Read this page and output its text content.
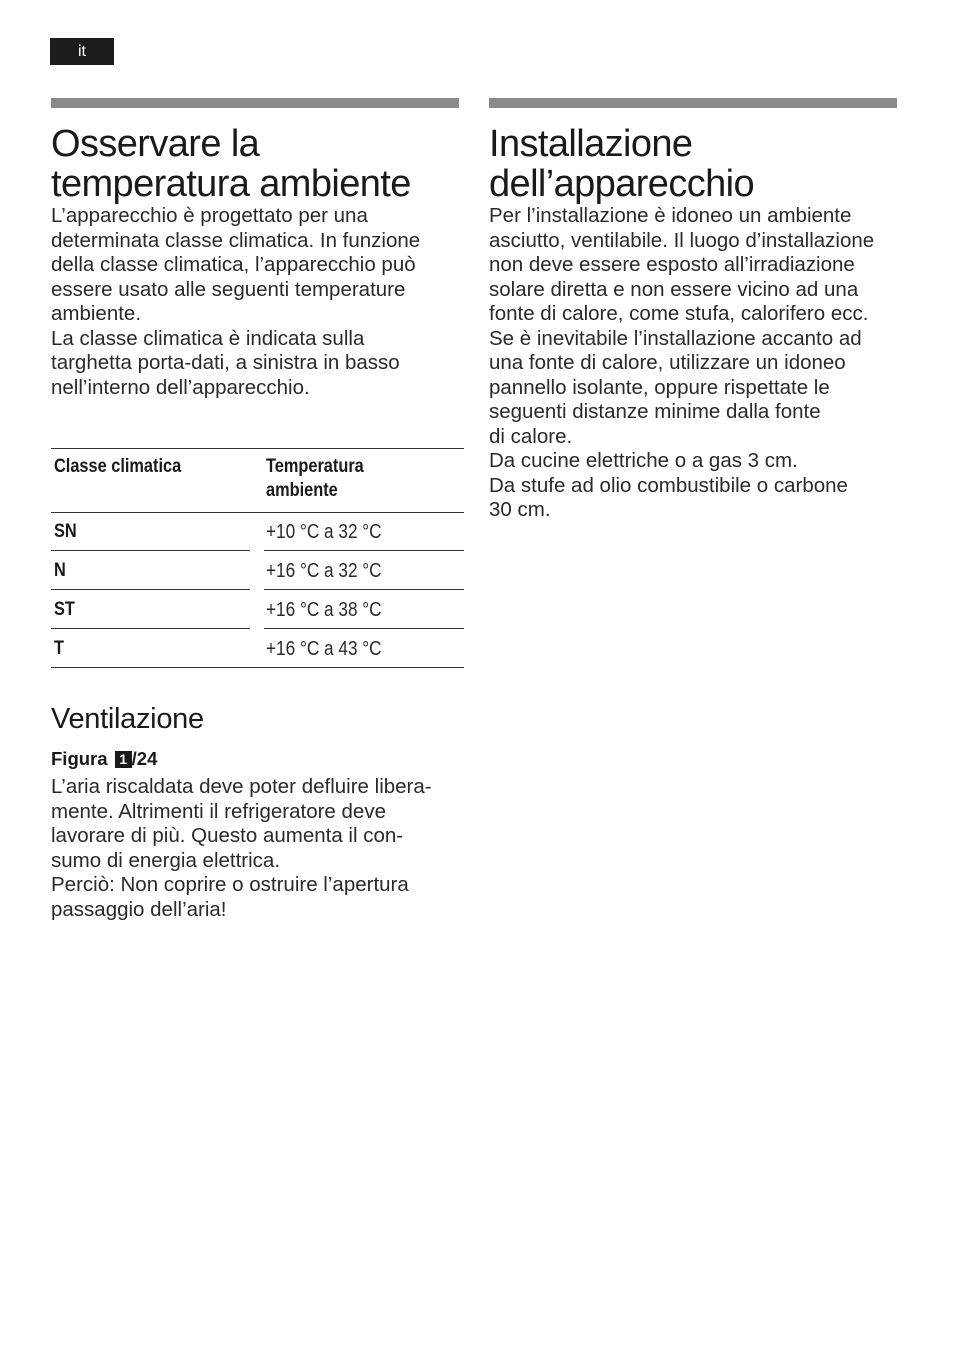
it
Osservare la
temperatura ambiente

L’apparecchio è progettato per una
determinata classe climatica. In funzione
della classe climatica, l’apparecchio può
essere usato alle seguenti temperature
ambiente.

La classe climatica è indicata sulla
targhetta porta-dati, a sinistra in basso
nell’interno dell’apparecchio.

Classe climatica	Temperatura
ambiente
SN	+10 °C a 32 °C
N	+16 °C a 32 °C
ST	+16 °C a 38 °C
T	+16 °C a 43 °C
Ventilazione
Figura 1 /24

L’aria riscaldata deve poter defluire libera-
mente. Altrimenti il refrigeratore deve
lavorare di più. Questo aumenta il con-
sumo di energia elettrica.
Perciò: Non coprire o ostruire l’apertura
passaggio dell’aria!

Installazione
dell’apparecchio

Per l’installazione è idoneo un ambiente
asciutto, ventilabile. Il luogo d’installazione
non deve essere esposto all’irradiazione
solare diretta e non essere vicino ad una
fonte di calore, come stufa, calorifero ecc.
Se è inevitabile l’installazione accanto ad
una fonte di calore, utilizzare un idoneo
pannello isolante, oppure rispettate le
seguenti distanze minime dalla fonte
di calore.

Da cucine elettriche o a gas 3 cm.
Da stufe ad olio combustibile o carbone
30 cm.
